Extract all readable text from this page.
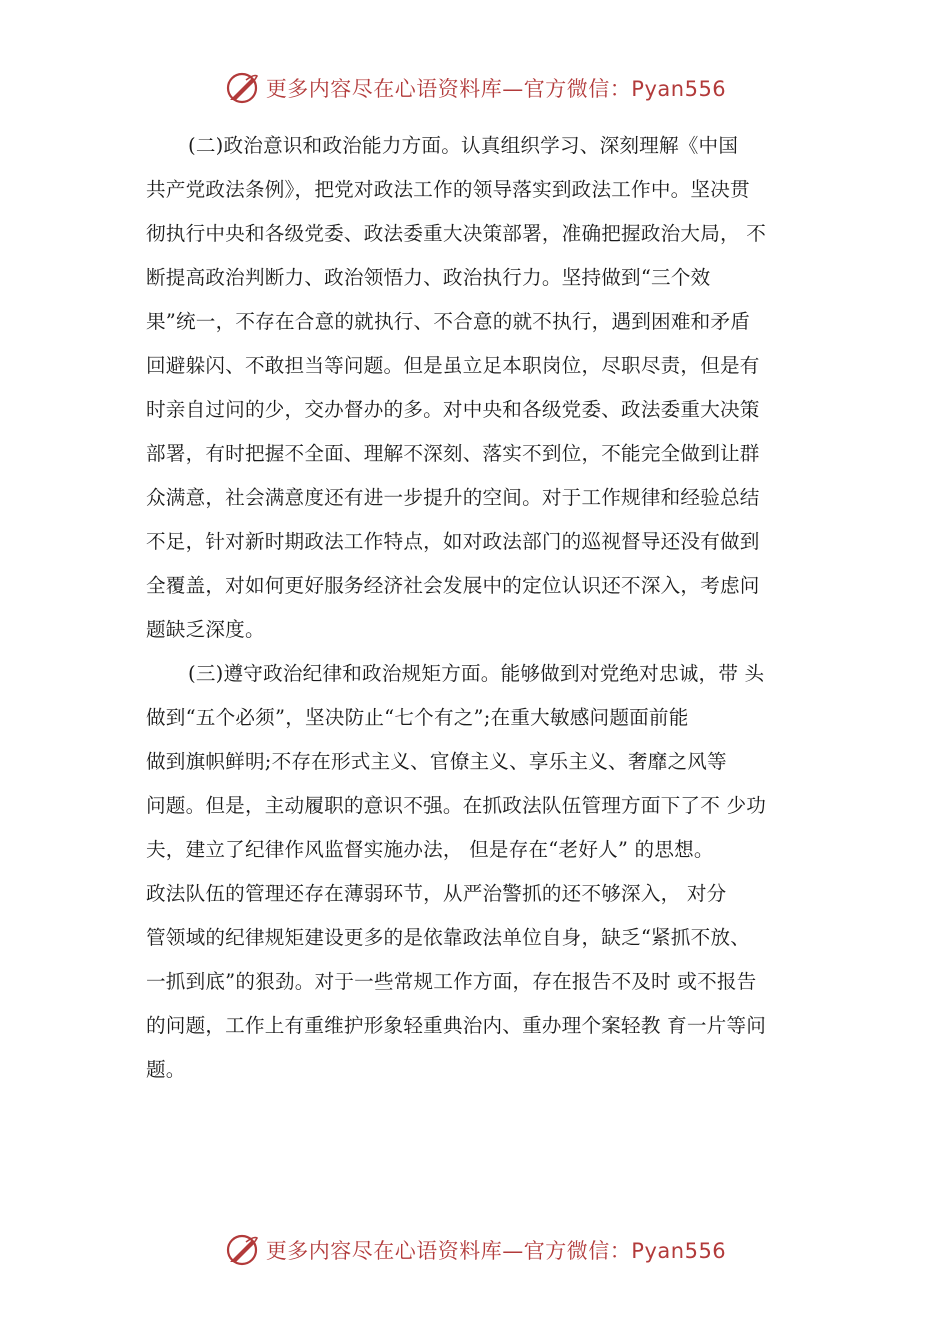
更多内容尽在心语资料库—官方微信：Pyan556
(二)政治意识和政治能力方面。认真组织学习、深刻理解《中国
共产党政法条例》，把党对政法工作的领导落实到政法工作中。坚决贯
彻执行中央和各级党委、政法委重大决策部署，准确把握政治大局， 不
断提高政治判断力、政治领悟力、政治执行力。坚持做到“三个效
果”统一，不存在合意的就执行、不合意的就不执行，遇到困难和矛盾
回避躲闪、不敢担当等问题。但是虽立足本职岗位，尽职尽责，但是有
时亲自过问的少，交办督办的多。对中央和各级党委、政法委重大决策
部署，有时把握不全面、理解不深刻、落实不到位，不能完全做到让群
众满意，社会满意度还有进一步提升的空间。对于工作规律和经验总结
不足，针对新时期政法工作特点，如对政法部门的巡视督导还没有做到
全覆盖，对如何更好服务经济社会发展中的定位认识还不深入，考虑问
题缺乏深度。
(三)遵守政治纪律和政治规矩方面。能够做到对党绝对忠诚，带 头
做到“五个必须”，坚决防止“七个有之”;在重大敏感问题面前能
做到旗帜鲜明;不存在形式主义、官僚主义、享乐主义、奢靡之风等
问题。但是，主动履职的意识不强。在抓政法队伍管理方面下了不 少功
夫，建立了纪律作风监督实施办法， 但是存在“老好人” 的思想。
政法队伍的管理还存在薄弱环节，从严治警抓的还不够深入， 对分
管领域的纪律规矩建设更多的是依靠政法单位自身，缺乏“紧抓不放、
一抓到底”的狠劲。对于一些常规工作方面，存在报告不及时 或不报告
的问题，工作上有重维护形象轻重典治内、重办理个案轻教 育一片等问
题。
更多内容尽在心语资料库—官方微信：Pyan556
